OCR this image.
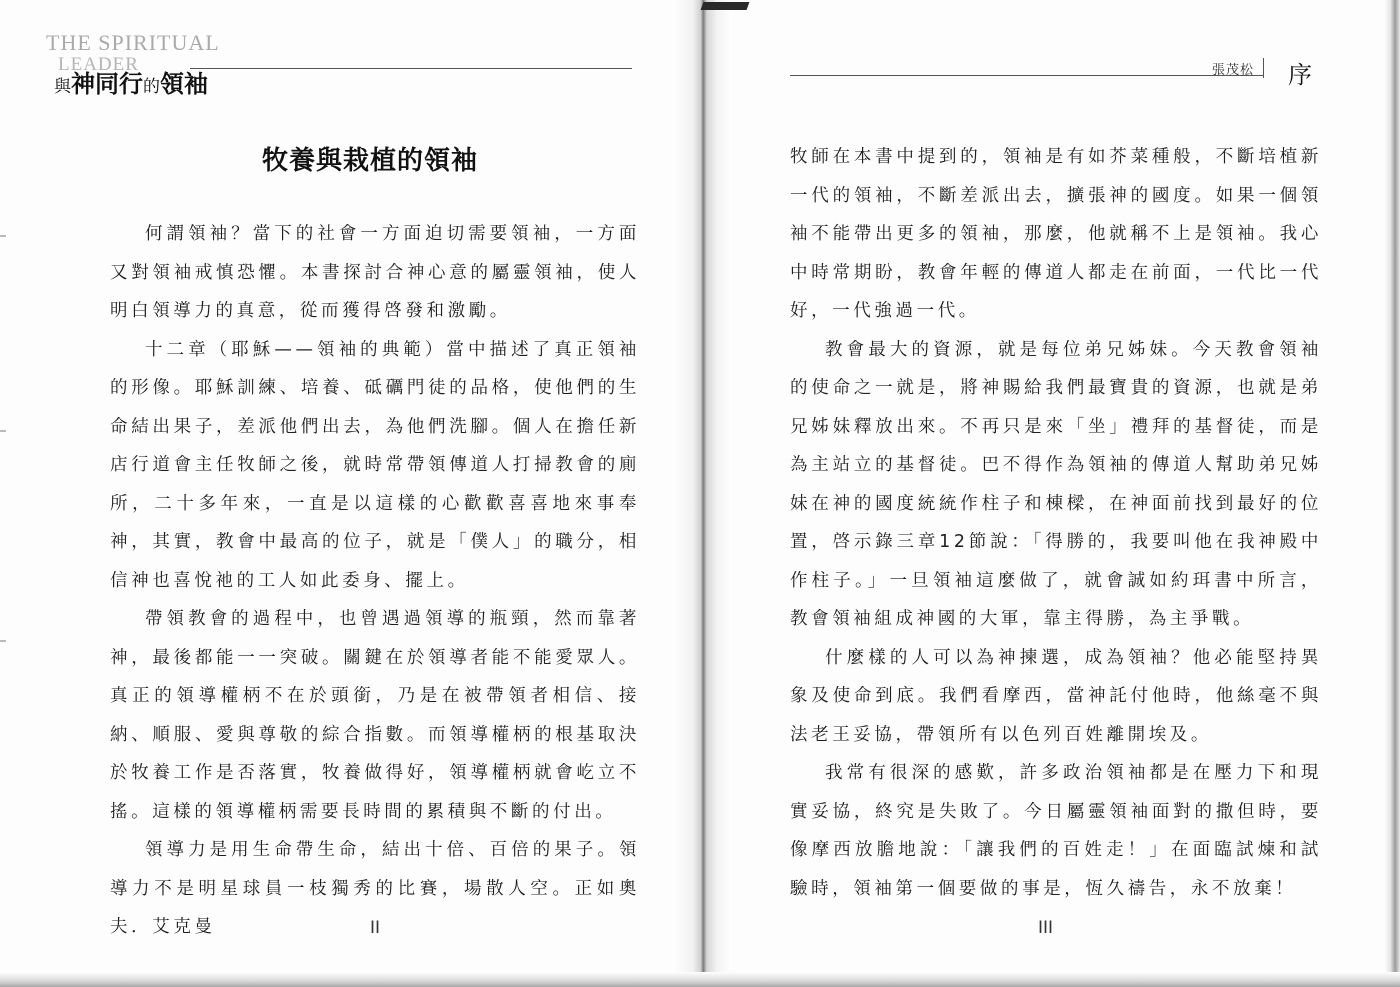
THE SPIRITUAL
LEADER
與神同行的領袖
牧養與栽植的領袖

何謂領袖？當下的社會一方面迫切需要領袖，一方面又對領袖戒慎恐懼。本書探討合神心意的屬靈領袖，使人明白領導力的真意，從而獲得啓發和激勵。

十二章（耶穌——領袖的典範）當中描述了真正領袖的形像。耶穌訓練、培養、砥礪門徒的品格，使他們的生命結出果子，差派他們出去，為他們洗腳。個人在擔任新店行道會主任牧師之後，就時常帶領傳道人打掃教會的廁所，二十多年來，一直是以這樣的心歡歡喜喜地來事奉神，其實，教會中最高的位子，就是「僕人」的職分，相信神也喜悅祂的工人如此委身、擺上。

帶領教會的過程中，也曾遇過領導的瓶頸，然而靠著神，最後都能一一突破。關鍵在於領導者能不能愛眾人。真正的領導權柄不在於頭銜，乃是在被帶領者相信、接納、順服、愛與尊敬的綜合指數。而領導權柄的根基取決於牧養工作是否落實，牧養做得好，領導權柄就會屹立不搖。這樣的領導權柄需要長時間的累積與不斷的付出。

領導力是用生命帶生命，結出十倍、百倍的果子。領導力不是明星球員一枝獨秀的比賽，場散人空。正如奧夫．艾克曼	II
張茂松 序

牧師在本書中提到的，領袖是有如芥菜種般，不斷培植新一代的領袖，不斷差派出去，擴張神的國度。如果一個領袖不能帶出更多的領袖，那麼，他就稱不上是領袖。我心中時常期盼，教會年輕的傳道人都走在前面，一代比一代好，一代強過一代。

教會最大的資源，就是每位弟兄姊妹。今天教會領袖的使命之一就是，將神賜給我們最寶貴的資源，也就是弟兄姊妹釋放出來。不再只是來「坐」禮拜的基督徒，而是為主站立的基督徒。巴不得作為領袖的傳道人幫助弟兄姊妹在神的國度統統作柱子和棟樑，在神面前找到最好的位置，啓示錄三章12節說：「得勝的，我要叫他在我神殿中作柱子。」一旦領袖這麼做了，就會誠如約珥書中所言，教會領袖組成神國的大軍，靠主得勝，為主爭戰。

什麼樣的人可以為神揀選，成為領袖？他必能堅持異象及使命到底。我們看摩西，當神託付他時，他絲毫不與法老王妥協，帶領所有以色列百姓離開埃及。

我常有很深的感歎，許多政治領袖都是在壓力下和現實妥協，終究是失敗了。今日屬靈領袖面對的撒但時，要像摩西放膽地說：「讓我們的百姓走！」在面臨試煉和試驗時，領袖第一個要做的事是，恆久禱告，永不放棄！

III
